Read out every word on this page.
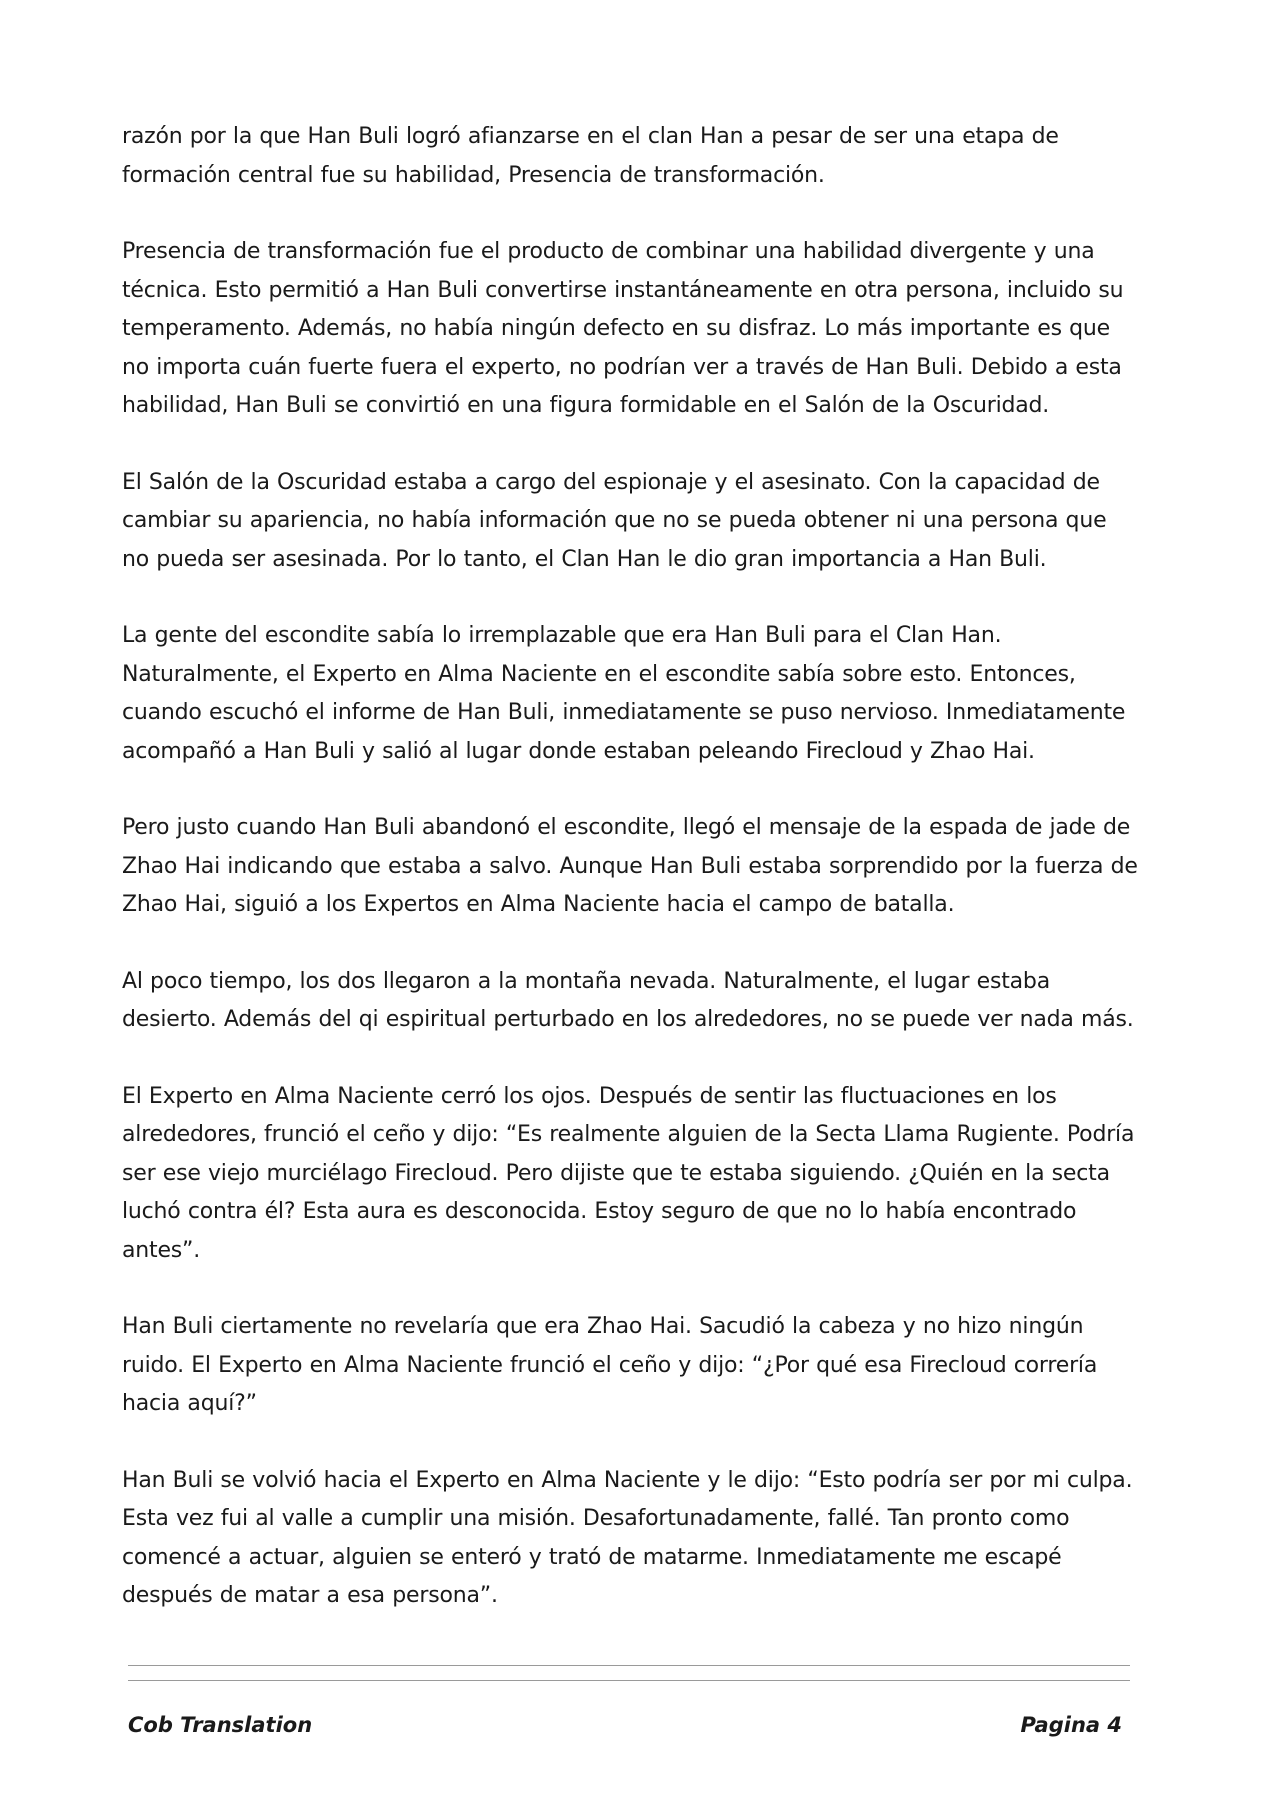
razón por la que Han Buli logró afianzarse en el clan Han a pesar de ser una etapa de formación central fue su habilidad, Presencia de transformación.

Presencia de transformación fue el producto de combinar una habilidad divergente y una técnica. Esto permitió a Han Buli convertirse instantáneamente en otra persona, incluido su temperamento. Además, no había ningún defecto en su disfraz. Lo más importante es que no importa cuán fuerte fuera el experto, no podrían ver a través de Han Buli. Debido a esta habilidad, Han Buli se convirtió en una figura formidable en el Salón de la Oscuridad.

El Salón de la Oscuridad estaba a cargo del espionaje y el asesinato. Con la capacidad de cambiar su apariencia, no había información que no se pueda obtener ni una persona que no pueda ser asesinada. Por lo tanto, el Clan Han le dio gran importancia a Han Buli.

La gente del escondite sabía lo irremplazable que era Han Buli para el Clan Han. Naturalmente, el Experto en Alma Naciente en el escondite sabía sobre esto. Entonces, cuando escuchó el informe de Han Buli, inmediatamente se puso nervioso. Inmediatamente acompañó a Han Buli y salió al lugar donde estaban peleando Firecloud y Zhao Hai.

Pero justo cuando Han Buli abandonó el escondite, llegó el mensaje de la espada de jade de Zhao Hai indicando que estaba a salvo. Aunque Han Buli estaba sorprendido por la fuerza de Zhao Hai, siguió a los Expertos en Alma Naciente hacia el campo de batalla.

Al poco tiempo, los dos llegaron a la montaña nevada. Naturalmente, el lugar estaba desierto. Además del qi espiritual perturbado en los alrededores, no se puede ver nada más.

El Experto en Alma Naciente cerró los ojos. Después de sentir las fluctuaciones en los alrededores, frunció el ceño y dijo: “Es realmente alguien de la Secta Llama Rugiente. Podría ser ese viejo murciélago Firecloud. Pero dijiste que te estaba siguiendo. ¿Quién en la secta luchó contra él? Esta aura es desconocida. Estoy seguro de que no lo había encontrado antes”.

Han Buli ciertamente no revelaría que era Zhao Hai. Sacudió la cabeza y no hizo ningún ruido. El Experto en Alma Naciente frunció el ceño y dijo: “¿Por qué esa Firecloud correría hacia aquí?”

Han Buli se volvió hacia el Experto en Alma Naciente y le dijo: “Esto podría ser por mi culpa. Esta vez fui al valle a cumplir una misión. Desafortunadamente, fallé. Tan pronto como comencé a actuar, alguien se enteró y trató de matarme. Inmediatamente me escapé después de matar a esa persona”.

Cob Translation	Pagina 4
